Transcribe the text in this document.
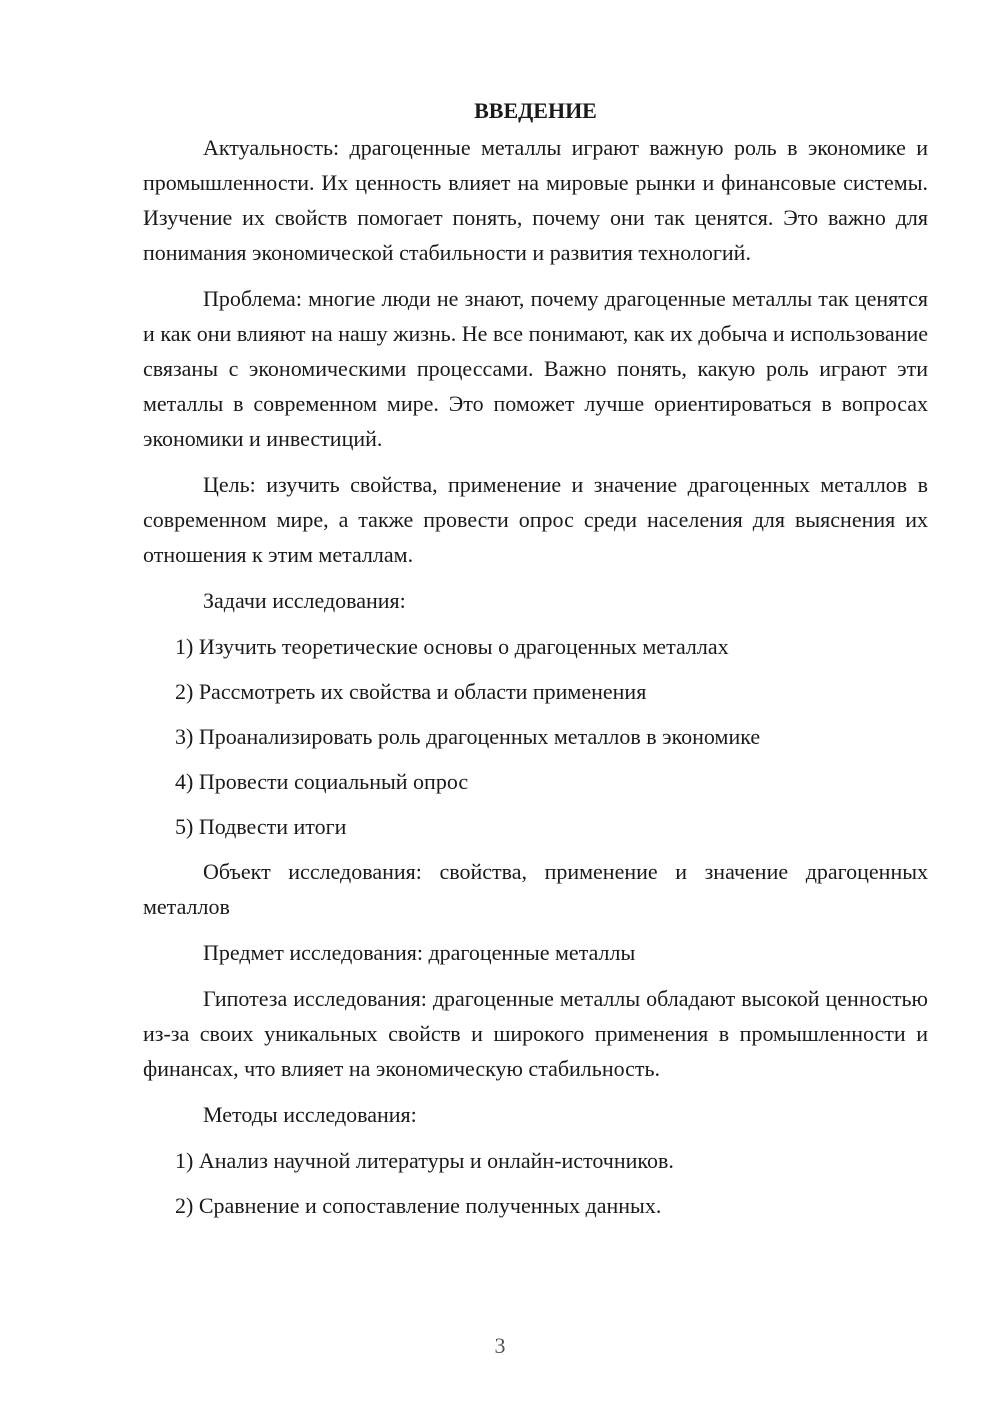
ВВЕДЕНИЕ

Актуальность: драгоценные металлы играют важную роль в экономике и промышленности. Их ценность влияет на мировые рынки и финансовые системы. Изучение их свойств помогает понять, почему они так ценятся. Это важно для понимания экономической стабильности и развития технологий.

Проблема: многие люди не знают, почему драгоценные металлы так ценятся и как они влияют на нашу жизнь. Не все понимают, как их добыча и использование связаны с экономическими процессами. Важно понять, какую роль играют эти металлы в современном мире. Это поможет лучше ориентироваться в вопросах экономики и инвестиций.

Цель: изучить свойства, применение и значение драгоценных металлов в современном мире, а также провести опрос среди населения для выяснения их отношения к этим металлам.

Задачи исследования:

1) Изучить теоретические основы о драгоценных металлах
2) Рассмотреть их свойства и области применения
3) Проанализировать роль драгоценных металлов в экономике
4) Провести социальный опрос
5) Подвести итоги

Объект исследования: свойства, применение и значение драгоценных металлов

Предмет исследования: драгоценные металлы

Гипотеза исследования: драгоценные металлы обладают высокой ценностью из-за своих уникальных свойств и широкого применения в промышленности и финансах, что влияет на экономическую стабильность.

Методы исследования:

1) Анализ научной литературы и онлайн-источников.
2) Сравнение и сопоставление полученных данных.
3
